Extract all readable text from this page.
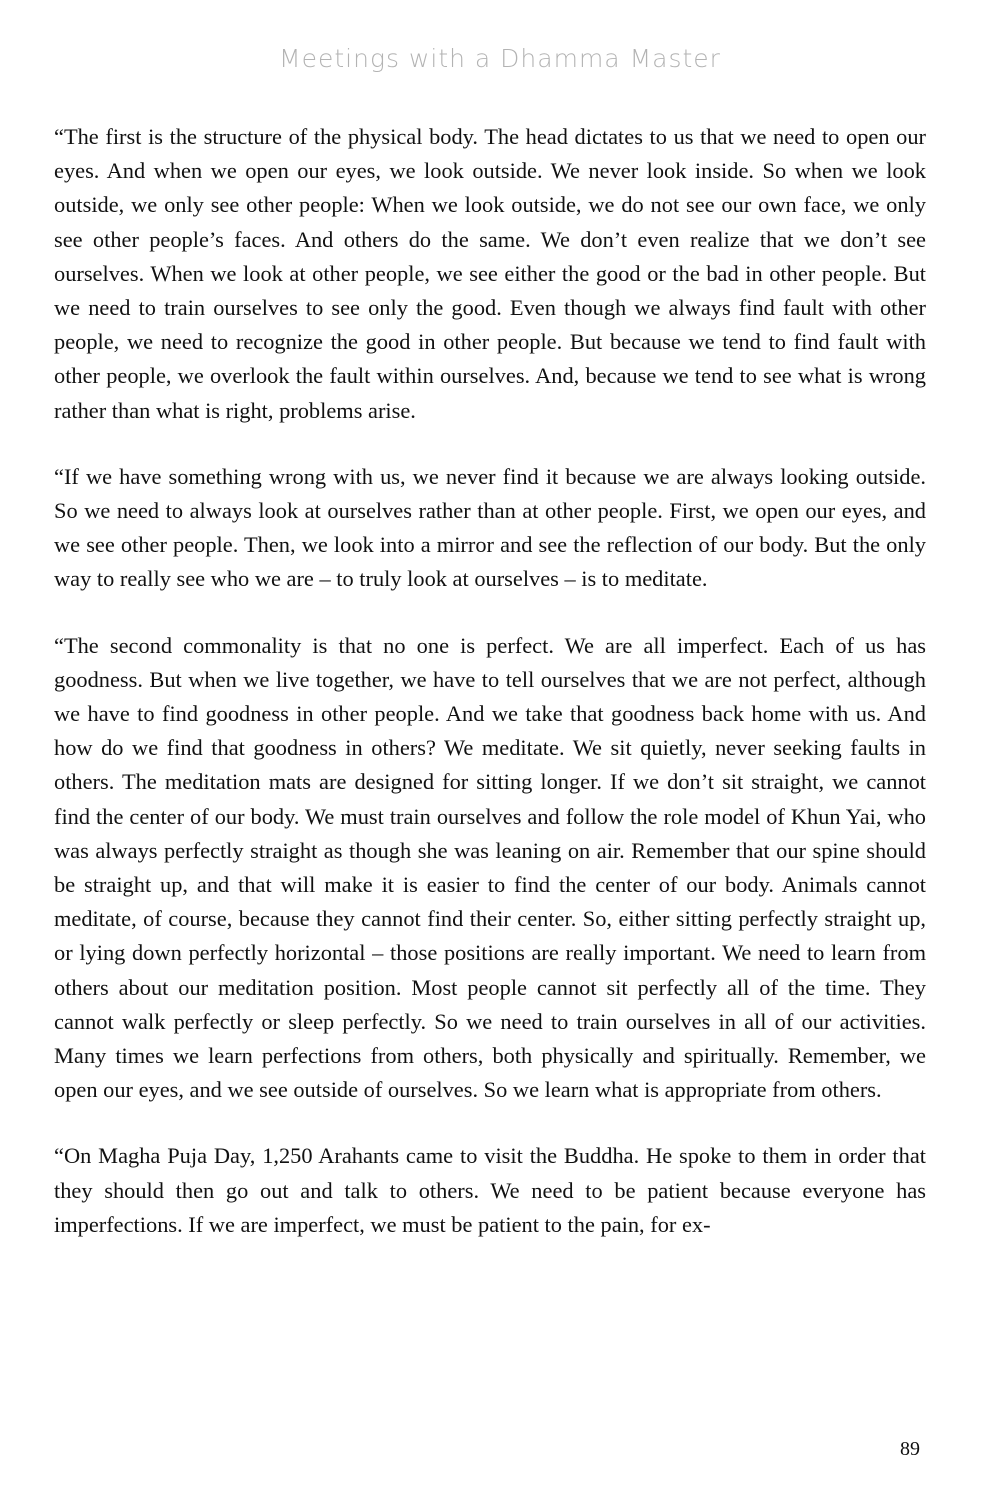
Meetings with a Dhamma Master

“The first is the structure of the physical body. The head dictates to us that we need to open our eyes. And when we open our eyes, we look outside. We never look inside. So when we look outside, we only see other people: When we look outside, we do not see our own face, we only see other people’s faces. And others do the same. We don’t even realize that we don’t see ourselves. When we look at other people, we see either the good or the bad in other people. But we need to train ourselves to see only the good. Even though we always find fault with other people, we need to recognize the good in other people. But because we tend to find fault with other people, we overlook the fault within ourselves. And, because we tend to see what is wrong rather than what is right, problems arise.

“If we have something wrong with us, we never find it because we are always looking outside. So we need to always look at ourselves rather than at other people. First, we open our eyes, and we see other people. Then, we look into a mirror and see the reflection of our body. But the only way to really see who we are – to truly look at ourselves – is to meditate.

“The second commonality is that no one is perfect. We are all imperfect. Each of us has goodness. But when we live together, we have to tell ourselves that we are not perfect, although we have to find goodness in other people. And we take that goodness back home with us. And how do we find that goodness in others? We meditate. We sit quietly, never seeking faults in others. The meditation mats are designed for sitting longer. If we don’t sit straight, we cannot find the center of our body. We must train ourselves and follow the role model of Khun Yai, who was always perfectly straight as though she was leaning on air. Remember that our spine should be straight up, and that will make it is easier to find the center of our body. Animals cannot meditate, of course, because they cannot find their center. So, either sitting perfectly straight up, or lying down perfectly horizontal – those positions are really important. We need to learn from others about our meditation position. Most people cannot sit perfectly all of the time. They cannot walk perfectly or sleep perfectly. So we need to train ourselves in all of our activities. Many times we learn perfections from others, both physically and spiritually. Remember, we open our eyes, and we see outside of ourselves. So we learn what is appropriate from others.

“On Magha Puja Day, 1,250 Arahants came to visit the Buddha. He spoke to them in order that they should then go out and talk to others. We need to be patient because everyone has imperfections. If we are imperfect, we must be patient to the pain, for ex-

89
